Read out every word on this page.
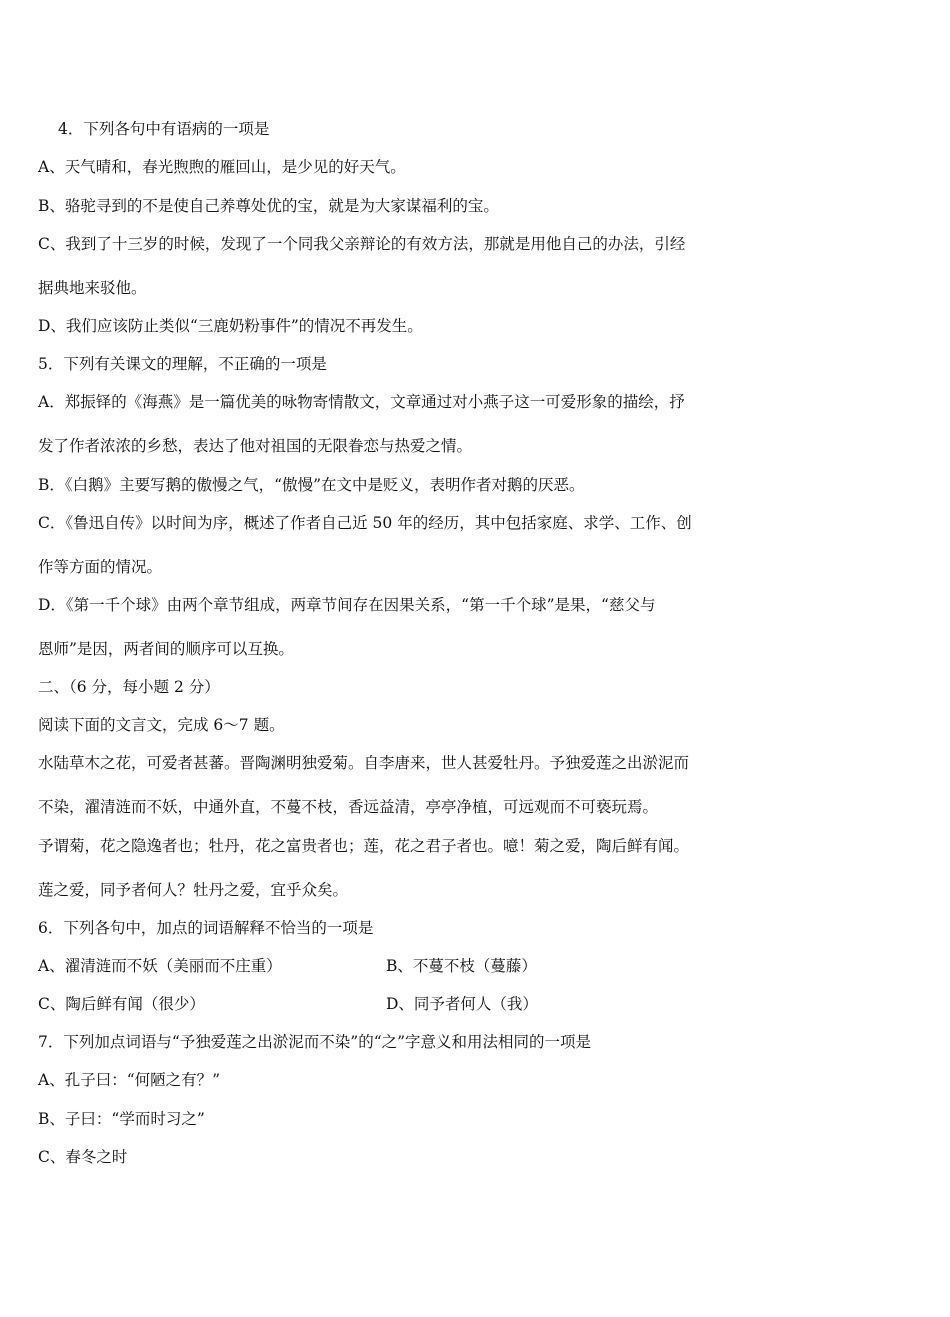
4．下列各句中有语病的一项是
A、天气晴和，春光煦煦的雁回山，是少见的好天气。
B、骆驼寻到的不是使自己养尊处优的宝，就是为大家谋福利的宝。
C、我到了十三岁的时候，发现了一个同我父亲辩论的有效方法，那就是用他自己的办法，引经
据典地来驳他。
D、我们应该防止类似“三鹿奶粉事件”的情况不再发生。
5．下列有关课文的理解，不正确的一项是
A．郑振铎的《海燕》是一篇优美的咏物寄情散文，文章通过对小燕子这一可爱形象的描绘，抒
发了作者浓浓的乡愁，表达了他对祖国的无限眷恋与热爱之情。
B．《白鹅》主要写鹅的傲慢之气，“傲慢”在文中是贬义，表明作者对鹅的厌恶。
C．《鲁迅自传》以时间为序，概述了作者自己近 50 年的经历，其中包括家庭、求学、工作、创
作等方面的情况。
D．《第一千个球》由两个章节组成，两章节间存在因果关系，“第一千个球”是果，“慈父与
恩师”是因，两者间的顺序可以互换。
二、（6 分，每小题 2 分）
阅读下面的文言文，完成 6～7 题。
水陆草木之花，可爱者甚蕃。晋陶渊明独爱菊。自李唐来，世人甚爱牡丹。予独爱莲之出淤泥而
不染，濯清涟而不妖，中通外直，不蔓不枝，香远益清，亭亭净植，可远观而不可亵玩焉。
予谓菊，花之隐逸者也；牡丹，花之富贵者也；莲，花之君子者也。噫！菊之爱，陶后鲜有闻。
莲之爱，同予者何人？牡丹之爱，宜乎众矣。
6．下列各句中，加点的词语解释不恰当的一项是
A、濯清涟而不妖（美丽而不庄重）	B、不蔓不枝（蔓藤）
C、陶后鲜有闻（很少）	D、同予者何人（我）
7．下列加点词语与“予独爱莲之出淤泥而不染”的“之”字意义和用法相同的一项是
A、孔子曰：“何陋之有？”
B、子曰：“学而时习之”
C、春冬之时
